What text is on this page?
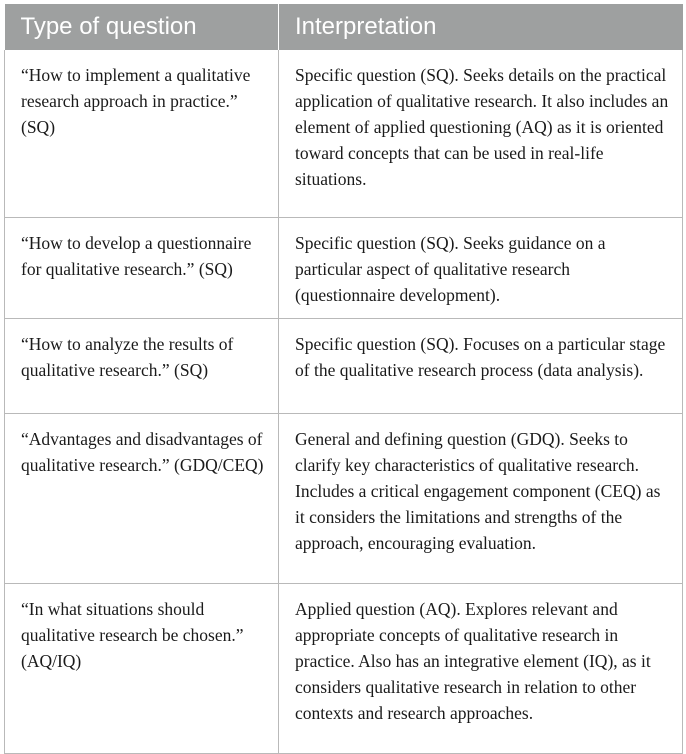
Type of question	Interpretation
“How to implement a qualitative research approach in practice.” (SQ)	Specific question (SQ). Seeks details on the practical application of qualitative research. It also includes an element of applied questioning (AQ) as it is oriented toward concepts that can be used in real-life situations.
“How to develop a questionnaire for qualitative research.” (SQ)	Specific question (SQ). Seeks guidance on a particular aspect of qualitative research (questionnaire development).
“How to analyze the results of qualitative research.” (SQ)	Specific question (SQ). Focuses on a particular stage of the qualitative research process (data analysis).
“Advantages and disadvantages of qualitative research.” (GDQ/CEQ)	General and defining question (GDQ). Seeks to clarify key characteristics of qualitative research. Includes a critical engagement component (CEQ) as it considers the limitations and strengths of the approach, encouraging evaluation.
“In what situations should qualitative research be chosen.” (AQ/IQ)	Applied question (AQ). Explores relevant and appropriate concepts of qualitative research in practice. Also has an integrative element (IQ), as it considers qualitative research in relation to other contexts and research approaches.
